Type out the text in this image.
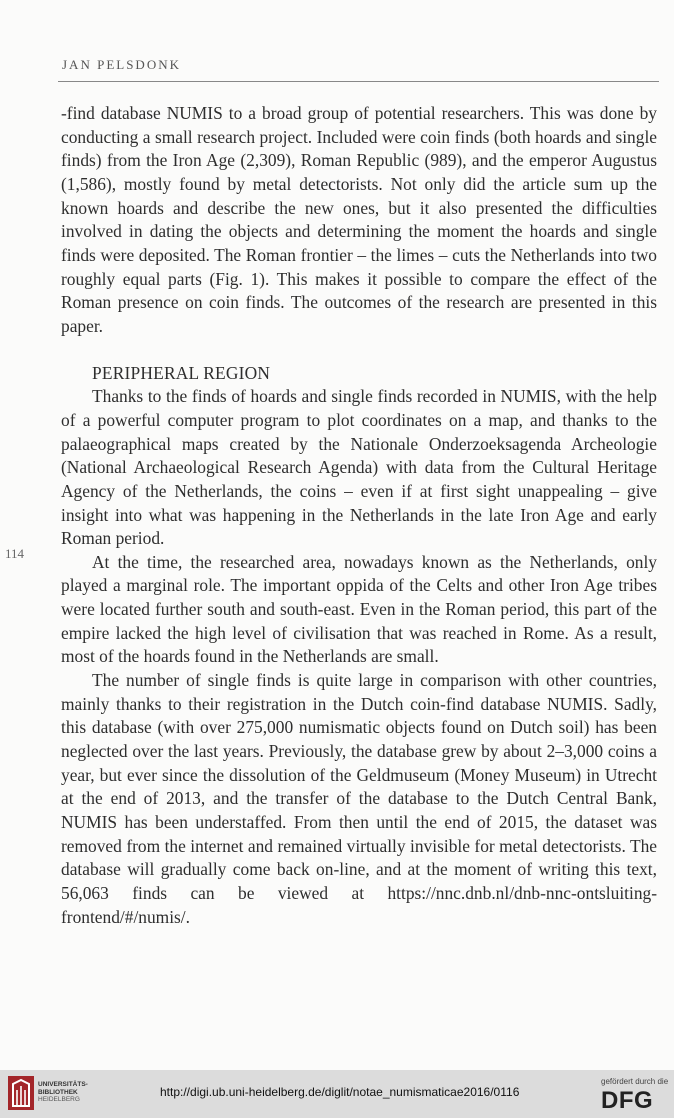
JAN PELSDONK
114

-find database NUMIS to a broad group of potential researchers. This was done by conducting a small research project. Included were coin finds (both hoards and single finds) from the Iron Age (2,309), Roman Republic (989), and the emperor Augustus (1,586), mostly found by metal detectorists. Not only did the article sum up the known hoards and describe the new ones, but it also presented the difficulties involved in dating the objects and determining the moment the hoards and single finds were deposited. The Roman frontier – the limes – cuts the Netherlands into two roughly equal parts (Fig. 1). This makes it possible to compare the effect of the Roman presence on coin finds. The outcomes of the research are presented in this paper.

PERIPHERAL REGION

Thanks to the finds of hoards and single finds recorded in NUMIS, with the help of a powerful computer program to plot coordinates on a map, and thanks to the palaeographical maps created by the Nationale Onderzoeksagenda Archeologie (National Archaeological Research Agenda) with data from the Cultural Heritage Agency of the Netherlands, the coins – even if at first sight unappealing – give insight into what was happening in the Netherlands in the late Iron Age and early Roman period.

At the time, the researched area, nowadays known as the Netherlands, only played a marginal role. The important oppida of the Celts and other Iron Age tribes were located further south and south-east. Even in the Roman period, this part of the empire lacked the high level of civilisation that was reached in Rome. As a result, most of the hoards found in the Netherlands are small.

The number of single finds is quite large in comparison with other countries, mainly thanks to their registration in the Dutch coin-find database NUMIS. Sadly, this database (with over 275,000 numismatic objects found on Dutch soil) has been neglected over the last years. Previously, the database grew by about 2–3,000 coins a year, but ever since the dissolution of the Geldmuseum (Money Museum) in Utrecht at the end of 2013, and the transfer of the database to the Dutch Central Bank, NUMIS has been understaffed. From then until the end of 2015, the dataset was removed from the internet and remained virtually invisible for metal detectorists. The database will gradually come back on-line, and at the moment of writing this text, 56,063 finds can be viewed at https://nnc.dnb.nl/dnb-nnc-ontsluiting-frontend/#/numis/.

UNIVERSITÄTS-
BIBLIOTHEK
HEIDELBERG
http://digi.ub.uni-heidelberg.de/diglit/notae_numismaticae2016/0116
gefördert durch die
DFG
